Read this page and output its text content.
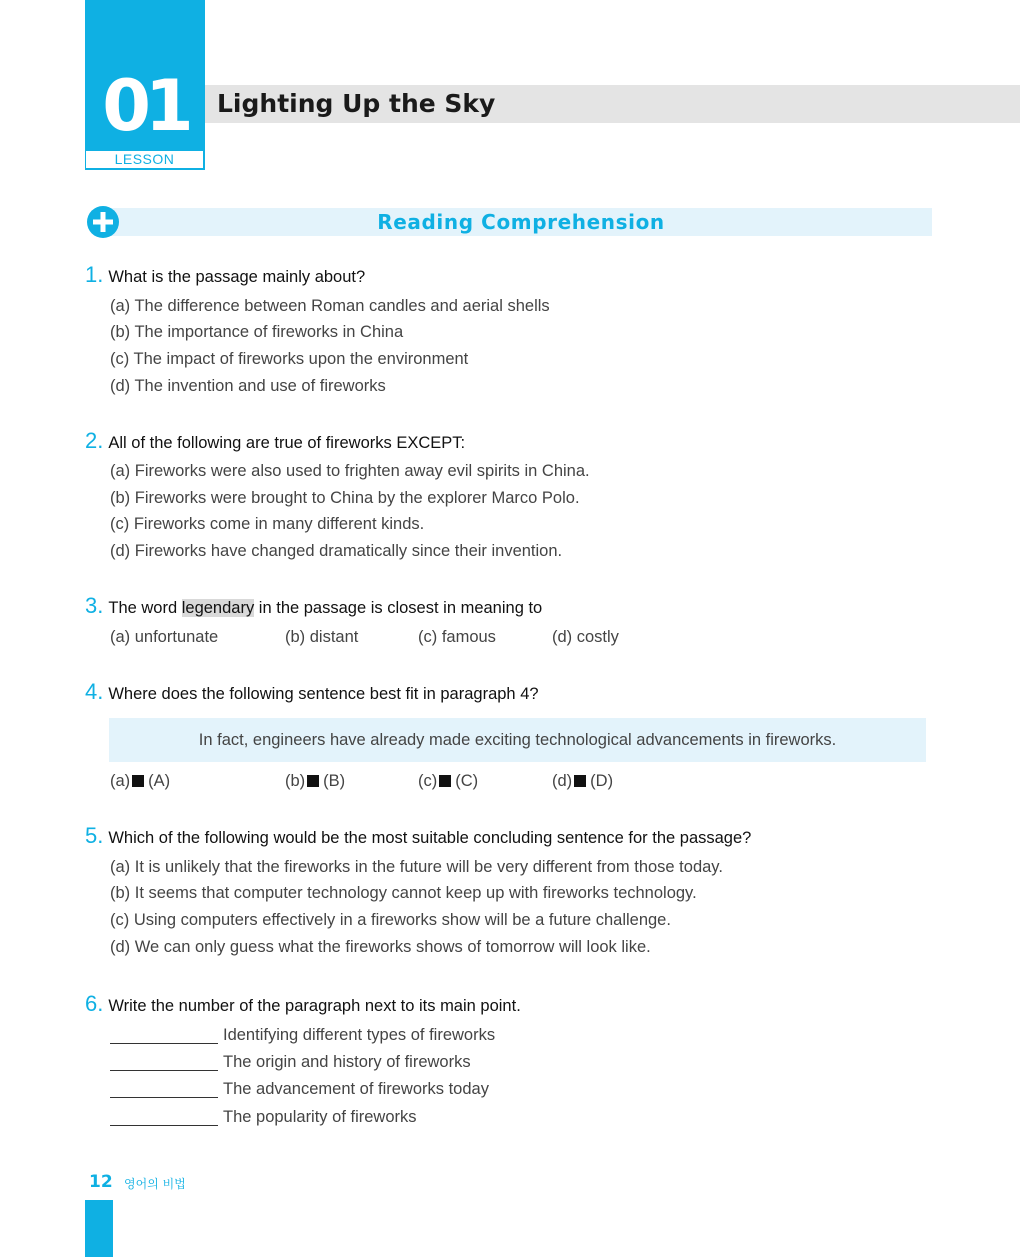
01
LESSON
Lighting Up the Sky
Reading Comprehension
1. What is the passage mainly about?
(a) The difference between Roman candles and aerial shells
(b) The importance of fireworks in China
(c) The impact of fireworks upon the environment
(d) The invention and use of fireworks
2. All of the following are true of fireworks EXCEPT:
(a) Fireworks were also used to frighten away evil spirits in China.
(b) Fireworks were brought to China by the explorer Marco Polo.
(c) Fireworks come in many different kinds.
(d) Fireworks have changed dramatically since their invention.
3. The word legendary in the passage is closest in meaning to
(a) unfortunate	(b) distant	(c) famous	(d) costly
4. Where does the following sentence best fit in paragraph 4?
In fact, engineers have already made exciting technological advancements in fireworks.
(a) (A)	(b) (B)	(c) (C)	(d) (D)
5. Which of the following would be the most suitable concluding sentence for the passage?
(a) It is unlikely that the fireworks in the future will be very different from those today.
(b) It seems that computer technology cannot keep up with fireworks technology.
(c) Using computers effectively in a fireworks show will be a future challenge.
(d) We can only guess what the fireworks shows of tomorrow will look like.
6. Write the number of the paragraph next to its main point.
Identifying different types of fireworks
The origin and history of fireworks
The advancement of fireworks today
The popularity of fireworks
12 영어의 비법
